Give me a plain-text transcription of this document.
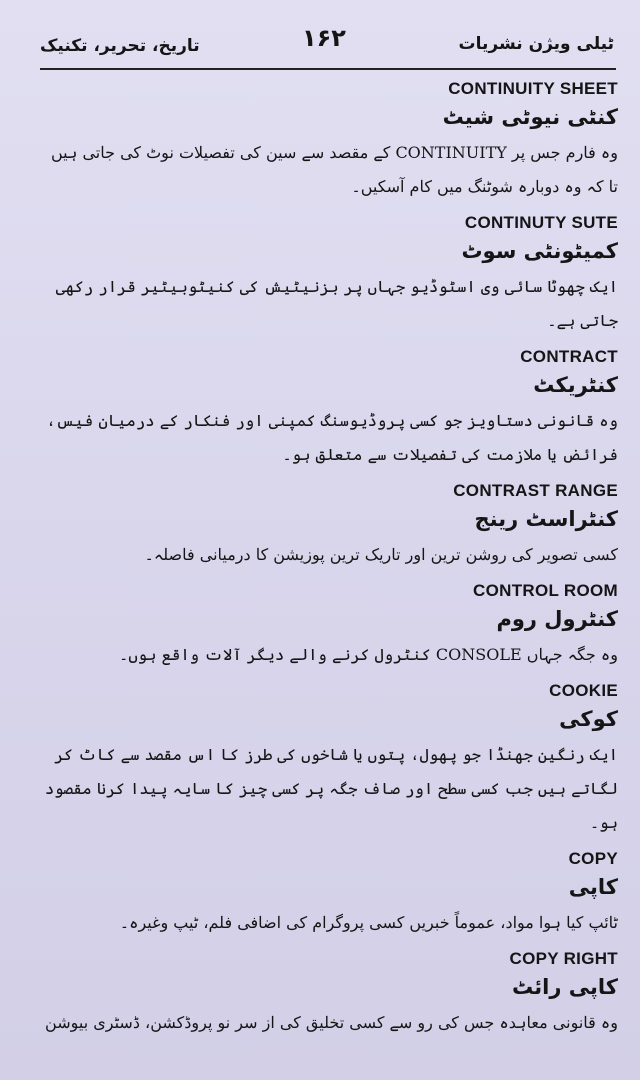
تاریخ، تحریر، تکنیک	۱۶۲	ٹیلی ویژن نشریات

CONTINUITY SHEET

کنٹی نیوٹی شیٹ

وہ فارم جس پر CONTINUITY کے مقصد سے سین کی تفصیلات نوٹ کی جاتی ہیں تا کہ وہ دوبارہ شوٹنگ میں کام آسکیں۔

CONTINUTY SUTE

کمیٹونٹی سوٹ

ایک چھوٹا سائی وی اسٹوڈیو جہاں پر بزنیٹیش کی کنیٹوبیٹیر قرار رکھی جاتی ہے۔

CONTRACT

کنٹریکٹ

وہ قانونی دستاویز جو کسی پروڈیوسنگ کمپنی اور فنکار کے درمیان فیس، فرائض یا ملازمت کی تفصیلات سے متعلق ہو۔

CONTRAST RANGE

کنٹراسٹ رینج

کسی تصویر کی روشن ترین اور تاریک ترین پوزیشن کا درمیانی فاصلہ۔

CONTROL ROOM

کنٹرول روم

وہ جگہ جہاں CONSOLE کنٹرول کرنے والے دیگر آلات واقع ہوں۔

COOKIE

کوکی

ایک رنگین جھنڈا جو پھول، پتوں یا شاخوں کی طرز کا اس مقصد سے کاٹ کر لگاتے ہیں جب کسی سطح اور صاف جگہ پر کسی چیز کا سایہ پیدا کرنا مقصود ہو۔

COPY

کاپی

ٹائپ کیا ہوا مواد، عموماً خبریں کسی پروگرام کی اضافی فلم، ٹیپ وغیرہ۔

COPY RIGHT

کاپی رائٹ

وہ قانونی معاہدہ جس کی رو سے کسی تخلیق کی از سر نو پروڈکشن، ڈسٹری بیوشن
